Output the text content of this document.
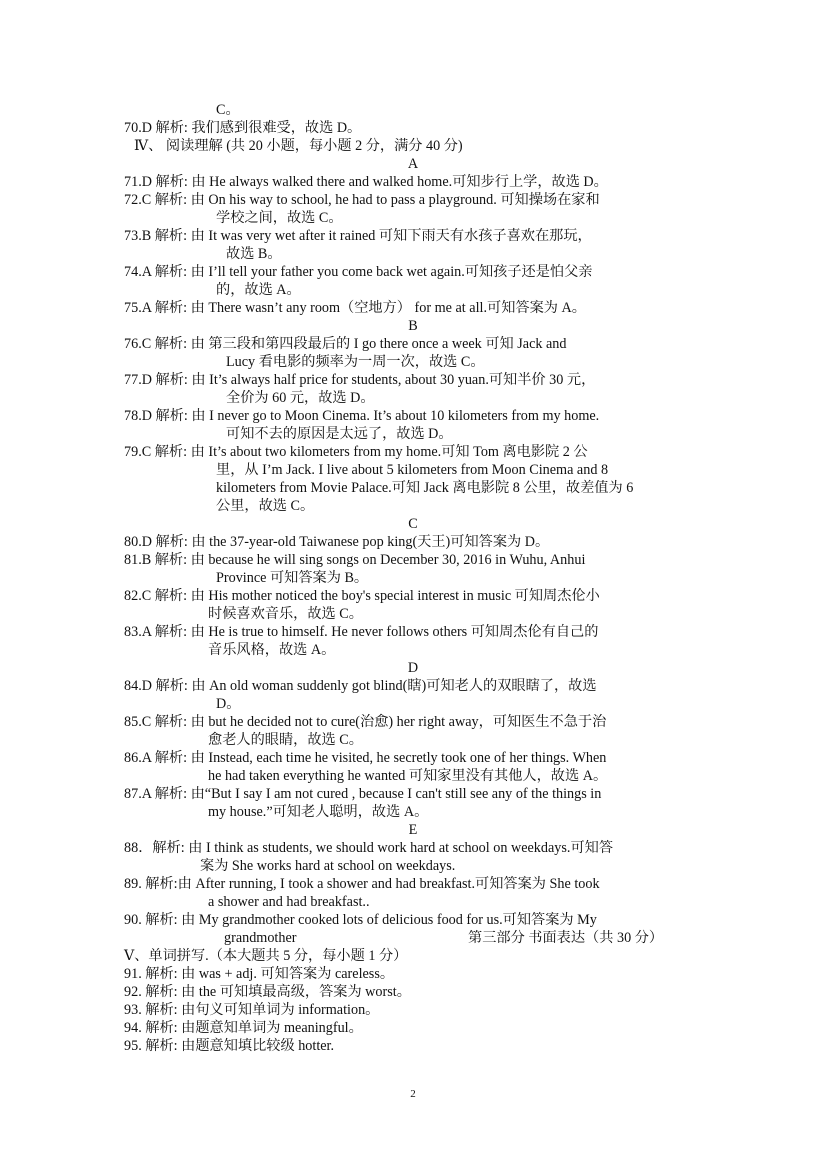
C。
70.D 解析: 我们感到很难受，故选 D。
Ⅳ、 阅读理解 (共 20 小题，每小题 2 分，满分 40 分)
A
71.D 解析: 由 He always walked there and walked home.可知步行上学，故选 D。
72.C 解析: 由 On his way to school, he had to pass a playground. 可知操场在家和
学校之间，故选 C。
73.B 解析: 由 It was very wet after it rained 可知下雨天有水孩子喜欢在那玩，
故选 B。
74.A 解析: 由 I’ll tell your father you come back wet again.可知孩子还是怕父亲
的，故选 A。
75.A 解析: 由 There wasn’t any room（空地方） for me at all.可知答案为 A。
B
76.C 解析: 由 第三段和第四段最后的 I go there once a week 可知 Jack and
Lucy 看电影的频率为一周一次，故选 C。
77.D 解析: 由 It’s always half price for students, about 30 yuan.可知半价 30 元，
全价为 60 元，故选 D。
78.D 解析: 由 I never go to Moon Cinema. It’s about 10 kilometers from my home.
可知不去的原因是太远了，故选 D。
79.C 解析: 由 It’s about two kilometers from my home.可知 Tom 离电影院 2 公
里，从 I’m Jack. I live about 5 kilometers from Moon Cinema and 8
kilometers from Movie Palace.可知 Jack 离电影院 8 公里，故差值为 6
公里，故选 C。
C
80.D 解析: 由 the 37-year-old Taiwanese pop king(天王)可知答案为 D。
81.B 解析: 由 because he will sing songs on December 30, 2016 in Wuhu, Anhui
Province 可知答案为 B。
82.C 解析: 由 His mother noticed the boy's special interest in music 可知周杰伦小
时候喜欢音乐，故选 C。
83.A 解析: 由 He is true to himself. He never follows others 可知周杰伦有自己的
音乐风格，故选 A。
D
84.D 解析: 由 An old woman suddenly got blind(瞎)可知老人的双眼瞎了，故选
D。
85.C 解析: 由 but he decided not to cure(治愈) her right away，可知医生不急于治
愈老人的眼睛，故选 C。
86.A 解析: 由 Instead, each time he visited, he secretly took one of her things. When
he had taken everything he wanted 可知家里没有其他人，故选 A。
87.A 解析: 由“But I say I am not cured , because I can't still see any of the things in
my house.”可知老人聪明，故选 A。
E
88．解析: 由 I think as students, we should work hard at school on weekdays.可知答
案为 She works hard at school on weekdays.
89. 解析:由 After running, I took a shower and had breakfast.可知答案为 She took
a shower and had breakfast..
90. 解析: 由 My grandmother cooked lots of delicious food for us.可知答案为 My
grandmother	第三部分 书面表达（共 30 分）
Ⅴ、单词拼写.（本大题共 5 分，每小题 1 分）
91. 解析: 由 was + adj. 可知答案为 careless。
92. 解析: 由 the 可知填最高级，答案为 worst。
93. 解析: 由句义可知单词为 information。
94. 解析: 由题意知单词为 meaningful。
95. 解析: 由题意知填比较级 hotter.
2
